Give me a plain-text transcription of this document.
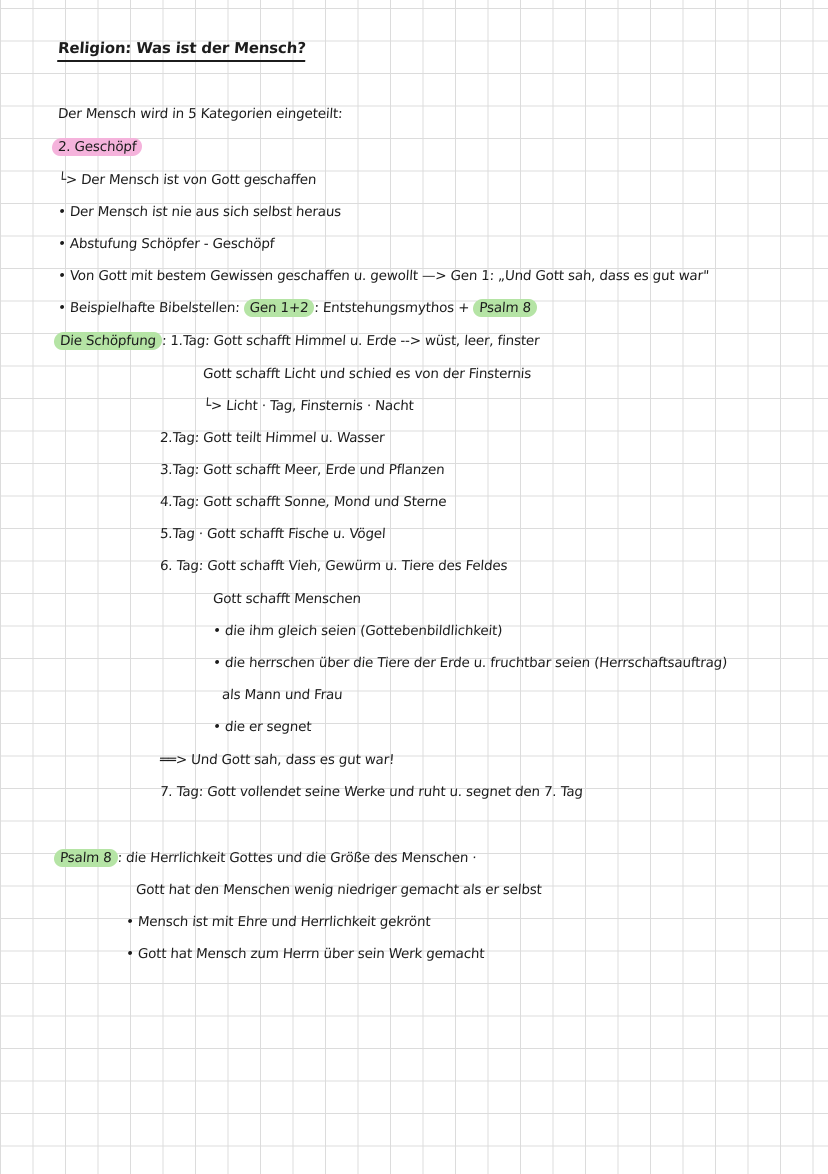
Religion: Was ist der Mensch?
Der Mensch wird in 5 Kategorien eingeteilt:
2. Geschöpf
└> Der Mensch ist von Gott geschaffen
• Der Mensch ist nie aus sich selbst heraus
• Abstufung Schöpfer - Geschöpf
• Von Gott mit bestem Gewissen geschaffen u. gewollt —> Gen 1: „Und Gott sah, dass es gut war"
• Beispielhafte Bibelstellen: Gen 1+2 : Entstehungsmythos + Psalm 8
Die Schöpfung : 1.Tag: Gott schafft Himmel u. Erde --> wüst, leer, finster
Gott schafft Licht und schied es von der Finsternis
└> Licht · Tag, Finsternis · Nacht
2.Tag: Gott teilt Himmel u. Wasser
3.Tag: Gott schafft Meer, Erde und Pflanzen
4.Tag: Gott schafft Sonne, Mond und Sterne
5.Tag · Gott schafft Fische u. Vögel
6. Tag: Gott schafft Vieh, Gewürm u. Tiere des Feldes
Gott schafft Menschen
• die ihm gleich seien (Gottebenbildlichkeit)
• die herrschen über die Tiere der Erde u. fruchtbar seien (Herrschaftsauftrag)
als Mann und Frau
• die er segnet
══> Und Gott sah, dass es gut war!
7. Tag: Gott vollendet seine Werke und ruht u. segnet den 7. Tag
Psalm 8 : die Herrlichkeit Gottes und die Größe des Menschen ·
Gott hat den Menschen wenig niedriger gemacht als er selbst
• Mensch ist mit Ehre und Herrlichkeit gekrönt
• Gott hat Mensch zum Herrn über sein Werk gemacht
